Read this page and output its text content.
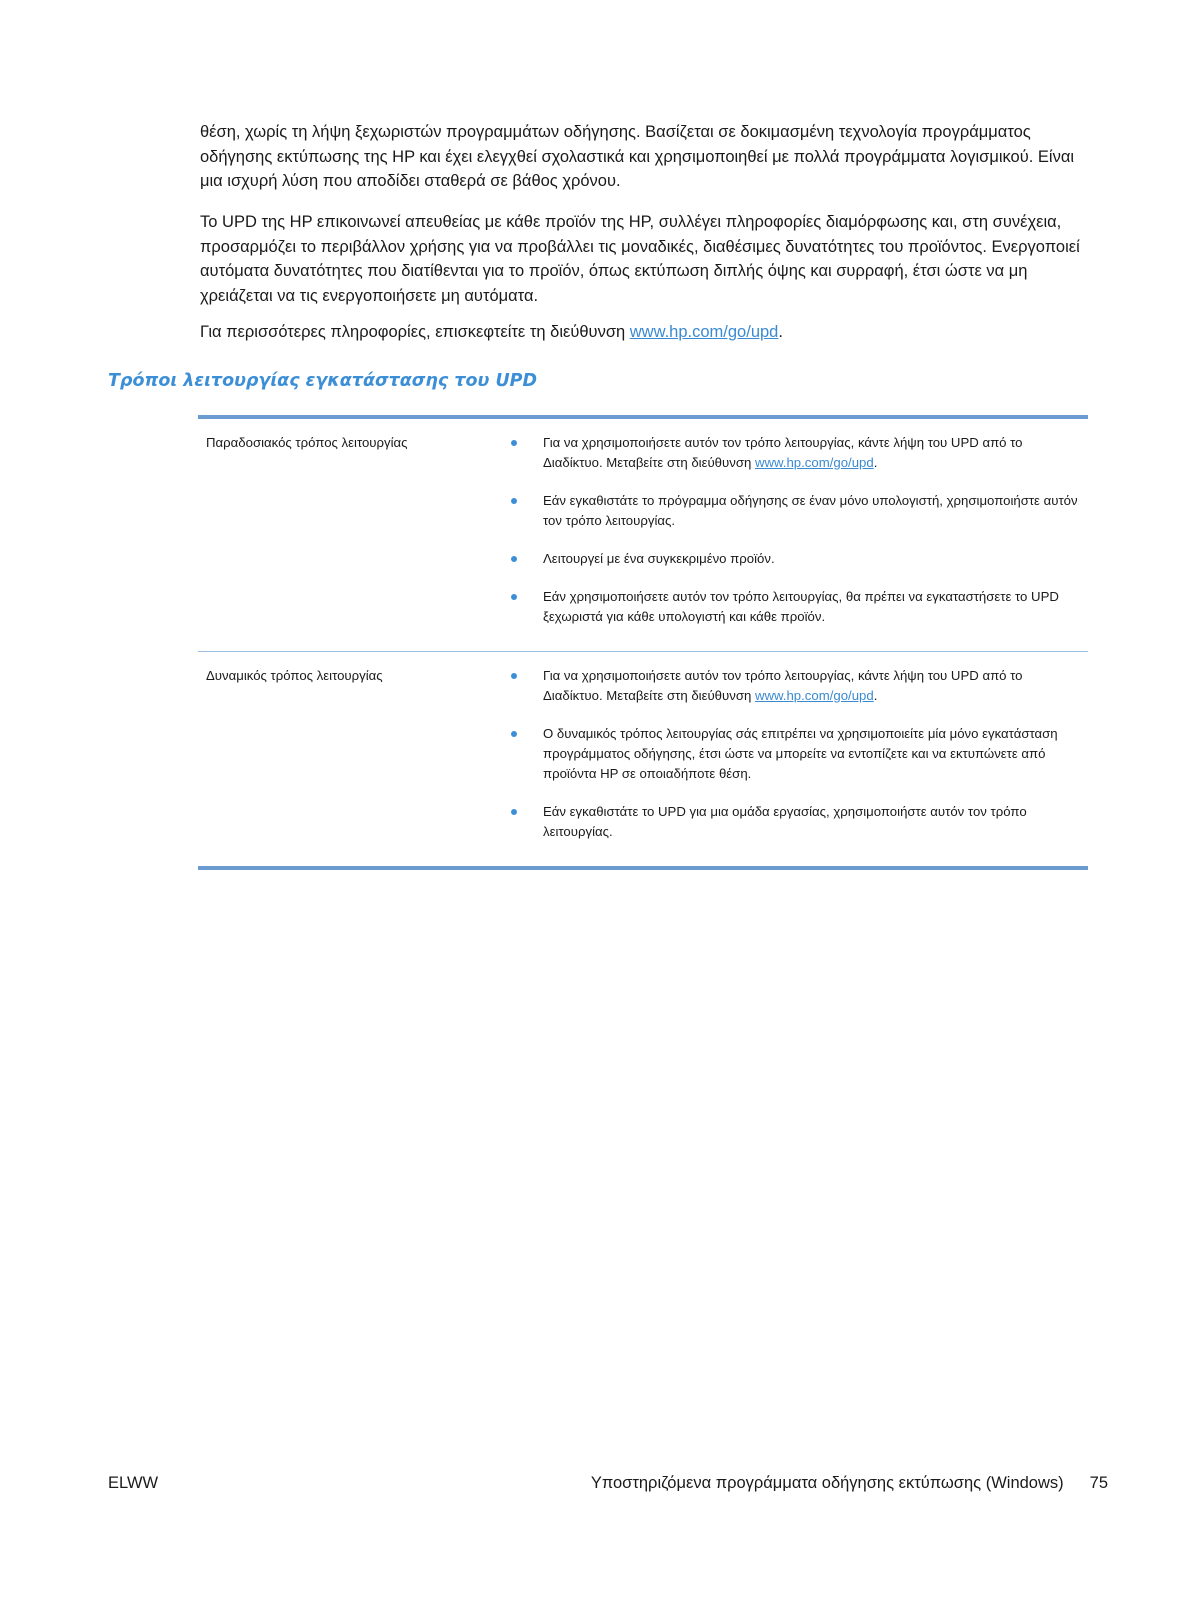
θέση, χωρίς τη λήψη ξεχωριστών προγραμμάτων οδήγησης. Βασίζεται σε δοκιμασμένη τεχνολογία προγράμματος οδήγησης εκτύπωσης της HP και έχει ελεγχθεί σχολαστικά και χρησιμοποιηθεί με πολλά προγράμματα λογισμικού. Είναι μια ισχυρή λύση που αποδίδει σταθερά σε βάθος χρόνου.

Το UPD της HP επικοινωνεί απευθείας με κάθε προϊόν της HP, συλλέγει πληροφορίες διαμόρφωσης και, στη συνέχεια, προσαρμόζει το περιβάλλον χρήσης για να προβάλλει τις μοναδικές, διαθέσιμες δυνατότητες του προϊόντος. Ενεργοποιεί αυτόματα δυνατότητες που διατίθενται για το προϊόν, όπως εκτύπωση διπλής όψης και συρραφή, έτσι ώστε να μη χρειάζεται να τις ενεργοποιήσετε μη αυτόματα.

Για περισσότερες πληροφορίες, επισκεφτείτε τη διεύθυνση www.hp.com/go/upd.

Τρόποι λειτουργίας εγκατάστασης του UPD
Παραδοσιακός τρόπος λειτουργίας	Για να χρησιμοποιήσετε αυτόν τον τρόπο λειτουργίας, κάντε λήψη του UPD από το Διαδίκτυο. Μεταβείτε στη διεύθυνση www.hp.com/go/upd.
Εάν εγκαθιστάτε το πρόγραμμα οδήγησης σε έναν μόνο υπολογιστή, χρησιμοποιήστε αυτόν τον τρόπο λειτουργίας.
Λειτουργεί με ένα συγκεκριμένο προϊόν.
Εάν χρησιμοποιήσετε αυτόν τον τρόπο λειτουργίας, θα πρέπει να εγκαταστήσετε το UPD ξεχωριστά για κάθε υπολογιστή και κάθε προϊόν.
Δυναμικός τρόπος λειτουργίας	Για να χρησιμοποιήσετε αυτόν τον τρόπο λειτουργίας, κάντε λήψη του UPD από το Διαδίκτυο. Μεταβείτε στη διεύθυνση www.hp.com/go/upd.
Ο δυναμικός τρόπος λειτουργίας σάς επιτρέπει να χρησιμοποιείτε μία μόνο εγκατάσταση προγράμματος οδήγησης, έτσι ώστε να μπορείτε να εντοπίζετε και να εκτυπώνετε από προϊόντα HP σε οποιαδήποτε θέση.
Εάν εγκαθιστάτε το UPD για μια ομάδα εργασίας, χρησιμοποιήστε αυτόν τον τρόπο λειτουργίας.
ELWW	Υποστηριζόμενα προγράμματα οδήγησης εκτύπωσης (Windows) 75
